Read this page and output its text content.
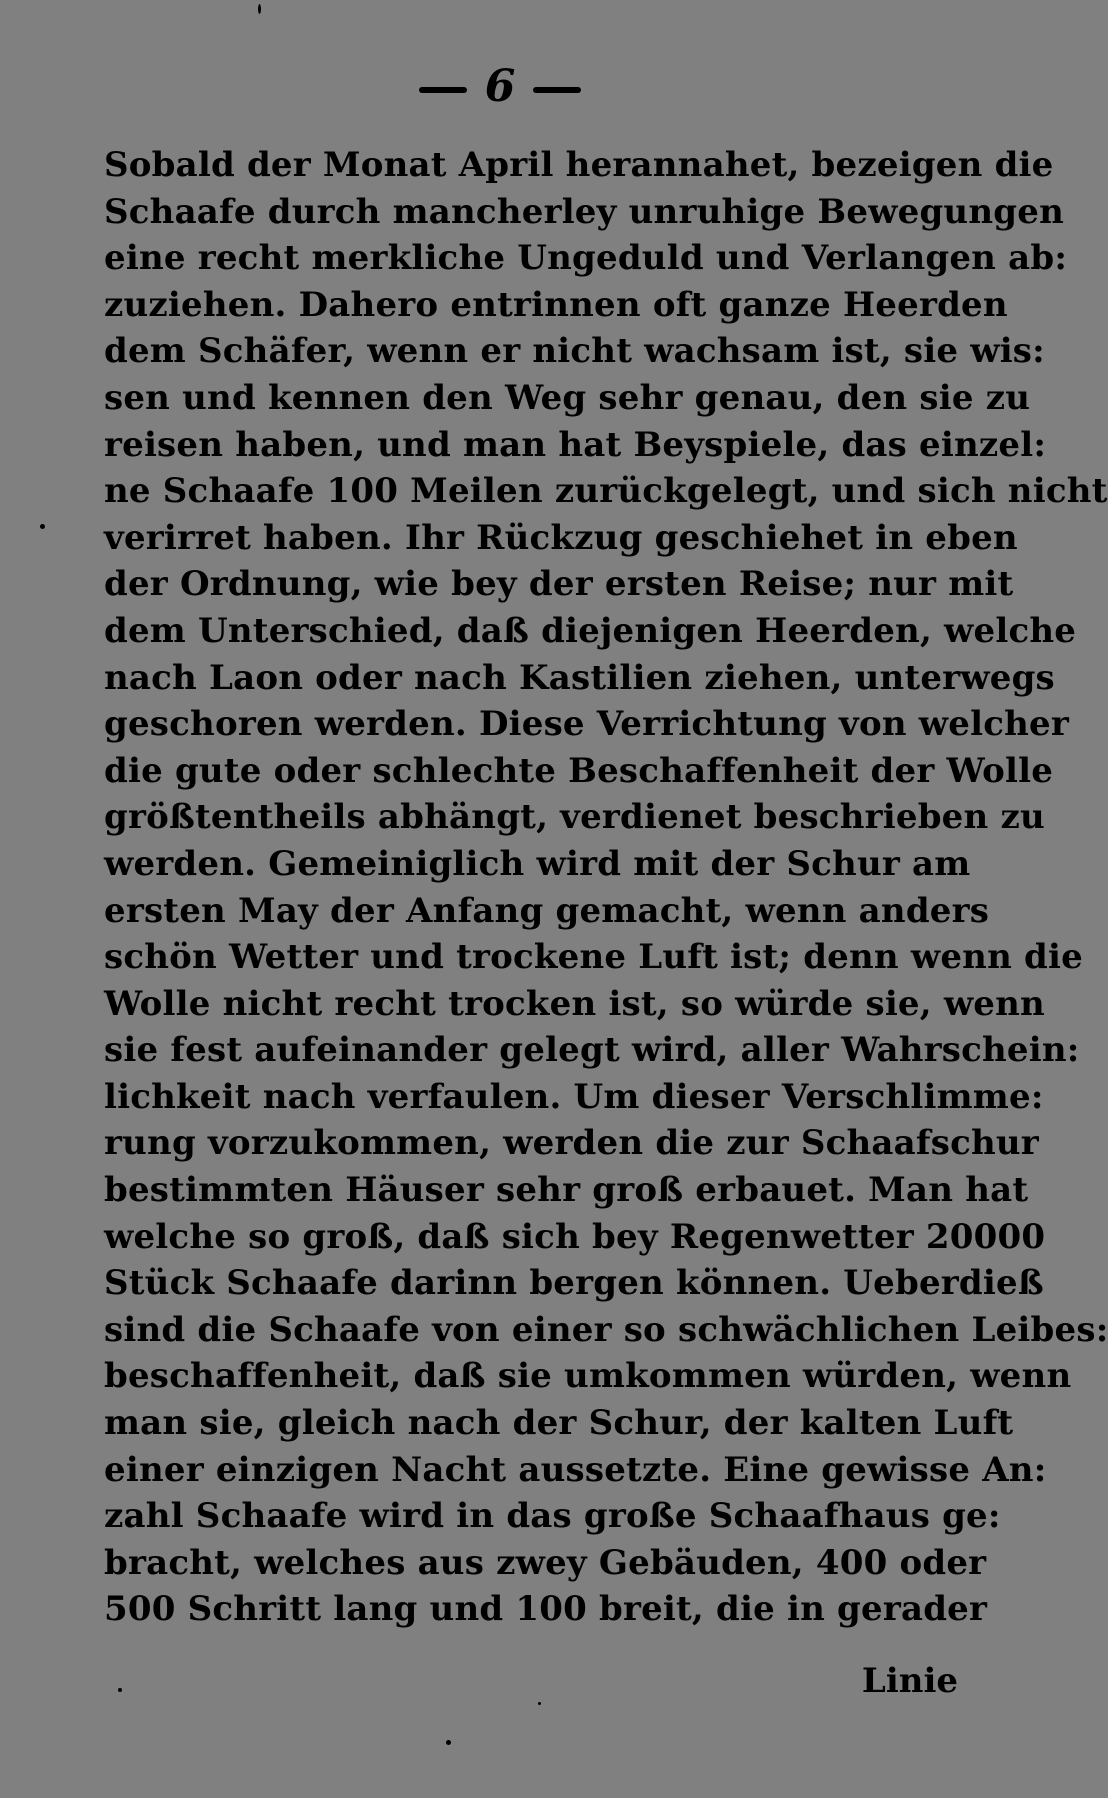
6
Sobald der Monat April herannahet, bezeigen die
Schaafe durch mancherley unruhige Bewegungen
eine recht merkliche Ungeduld und Verlangen ab:
zuziehen. Dahero entrinnen oft ganze Heerden
dem Schäfer, wenn er nicht wachsam ist, sie wis:
sen und kennen den Weg sehr genau, den sie zu
reisen haben, und man hat Beyspiele, das einzel:
ne Schaafe 100 Meilen zurückgelegt, und sich nicht
verirret haben. Ihr Rückzug geschiehet in eben
der Ordnung, wie bey der ersten Reise; nur mit
dem Unterschied, daß diejenigen Heerden, welche
nach Laon oder nach Kastilien ziehen, unterwegs
geschoren werden. Diese Verrichtung von welcher
die gute oder schlechte Beschaffenheit der Wolle
größtentheils abhängt, verdienet beschrieben zu
werden. Gemeiniglich wird mit der Schur am
ersten May der Anfang gemacht, wenn anders
schön Wetter und trockene Luft ist; denn wenn die
Wolle nicht recht trocken ist, so würde sie, wenn
sie fest aufeinander gelegt wird, aller Wahrschein:
lichkeit nach verfaulen. Um dieser Verschlimme:
rung vorzukommen, werden die zur Schaafschur
bestimmten Häuser sehr groß erbauet. Man hat
welche so groß, daß sich bey Regenwetter 20000
Stück Schaafe darinn bergen können. Ueberdieß
sind die Schaafe von einer so schwächlichen Leibes:
beschaffenheit, daß sie umkommen würden, wenn
man sie, gleich nach der Schur, der kalten Luft
einer einzigen Nacht aussetzte. Eine gewisse An:
zahl Schaafe wird in das große Schaafhaus ge:
bracht, welches aus zwey Gebäuden, 400 oder
500 Schritt lang und 100 breit, die in gerader
Linie
